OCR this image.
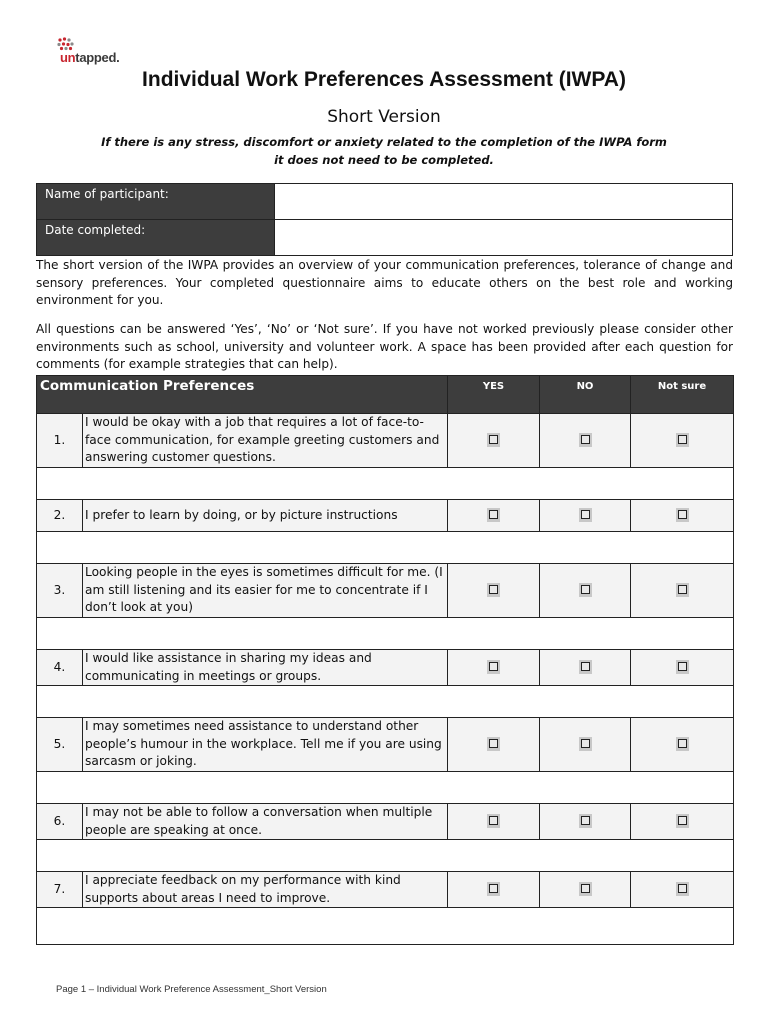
untapped.
Individual Work Preferences Assessment (IWPA)
Short Version
If there is any stress, discomfort or anxiety related to the completion of the IWPA form
it does not need to be completed.
Name of participant:	
Date completed:	

The short version of the IWPA provides an overview of your communication preferences, tolerance of change and sensory preferences. Your completed questionnaire aims to educate others on the best role and working environment for you.

All questions can be answered ‘Yes’, ‘No’ or ‘Not sure’. If you have not worked previously please consider other environments such as school, university and volunteer work. A space has been provided after each question for comments (for example strategies that can help).

Communication Preferences		YES	NO	Not sure
1.	I would be okay with a job that requires a lot of face-to-face communication, for example greeting customers and answering customer questions.			

2.	I prefer to learn by doing, or by picture instructions			

3.	Looking people in the eyes is sometimes difficult for me. (I am still listening and its easier for me to concentrate if I don’t look at you)			

4.	I would like assistance in sharing my ideas and communicating in meetings or groups.			

5.	I may sometimes need assistance to understand other people’s humour in the workplace. Tell me if you are using sarcasm or joking.			

6.	I may not be able to follow a conversation when multiple people are speaking at once.			

7.	I appreciate feedback on my performance with kind supports about areas I need to improve.			

Page 1 – Individual Work Preference Assessment_Short Version
